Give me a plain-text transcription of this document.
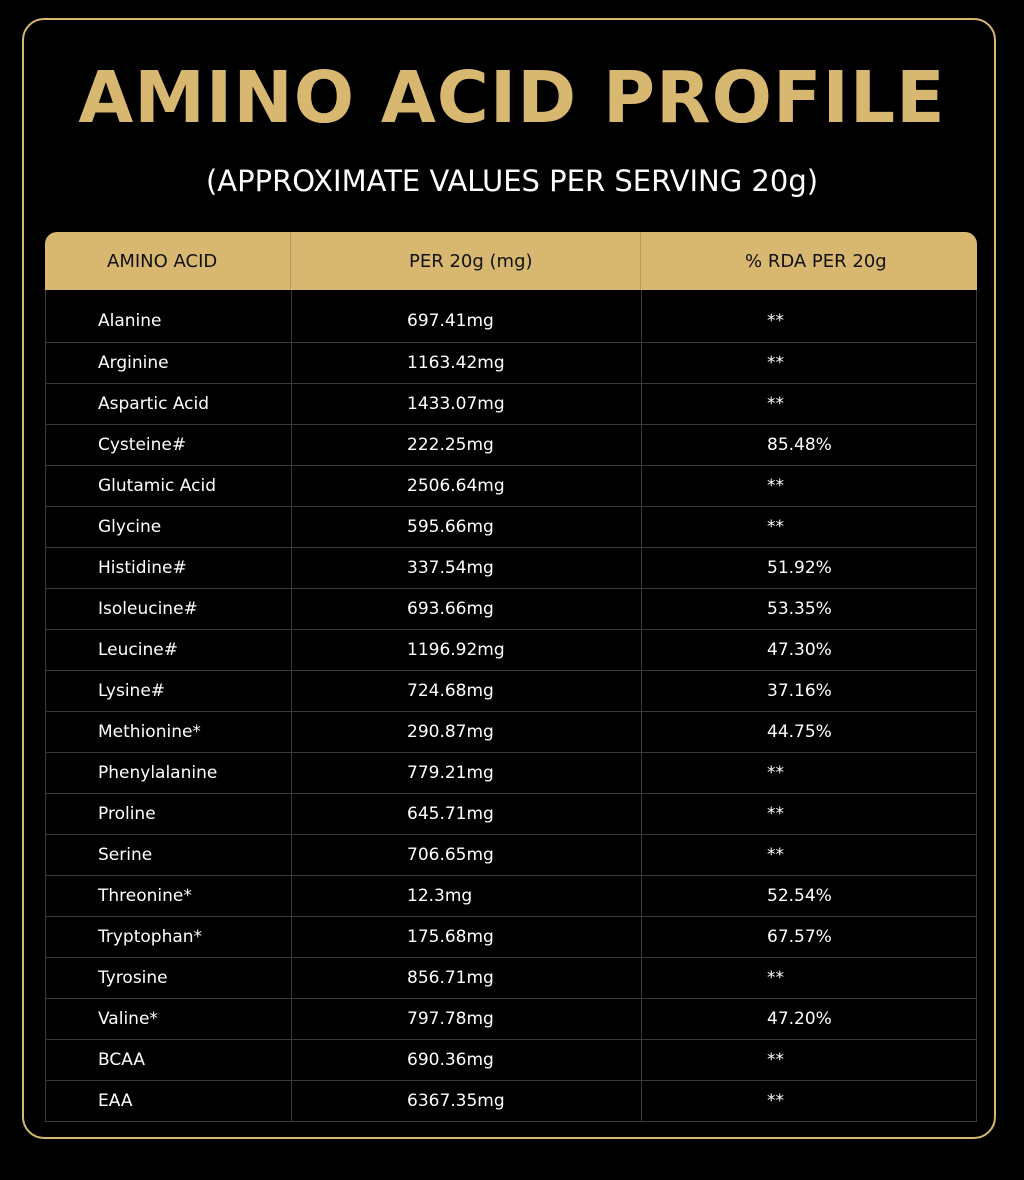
AMINO ACID PROFILE
(APPROXIMATE VALUES PER SERVING 20g)
AMINO ACID	PER 20g (mg)	% RDA PER 20g
Alanine	697.41mg	**
Arginine	1163.42mg	**
Aspartic Acid	1433.07mg	**
Cysteine#	222.25mg	85.48%
Glutamic Acid	2506.64mg	**
Glycine	595.66mg	**
Histidine#	337.54mg	51.92%
Isoleucine#	693.66mg	53.35%
Leucine#	1196.92mg	47.30%
Lysine#	724.68mg	37.16%
Methionine*	290.87mg	44.75%
Phenylalanine	779.21mg	**
Proline	645.71mg	**
Serine	706.65mg	**
Threonine*	12.3mg	52.54%
Tryptophan*	175.68mg	67.57%
Tyrosine	856.71mg	**
Valine*	797.78mg	47.20%
BCAA	690.36mg	**
EAA	6367.35mg	**
